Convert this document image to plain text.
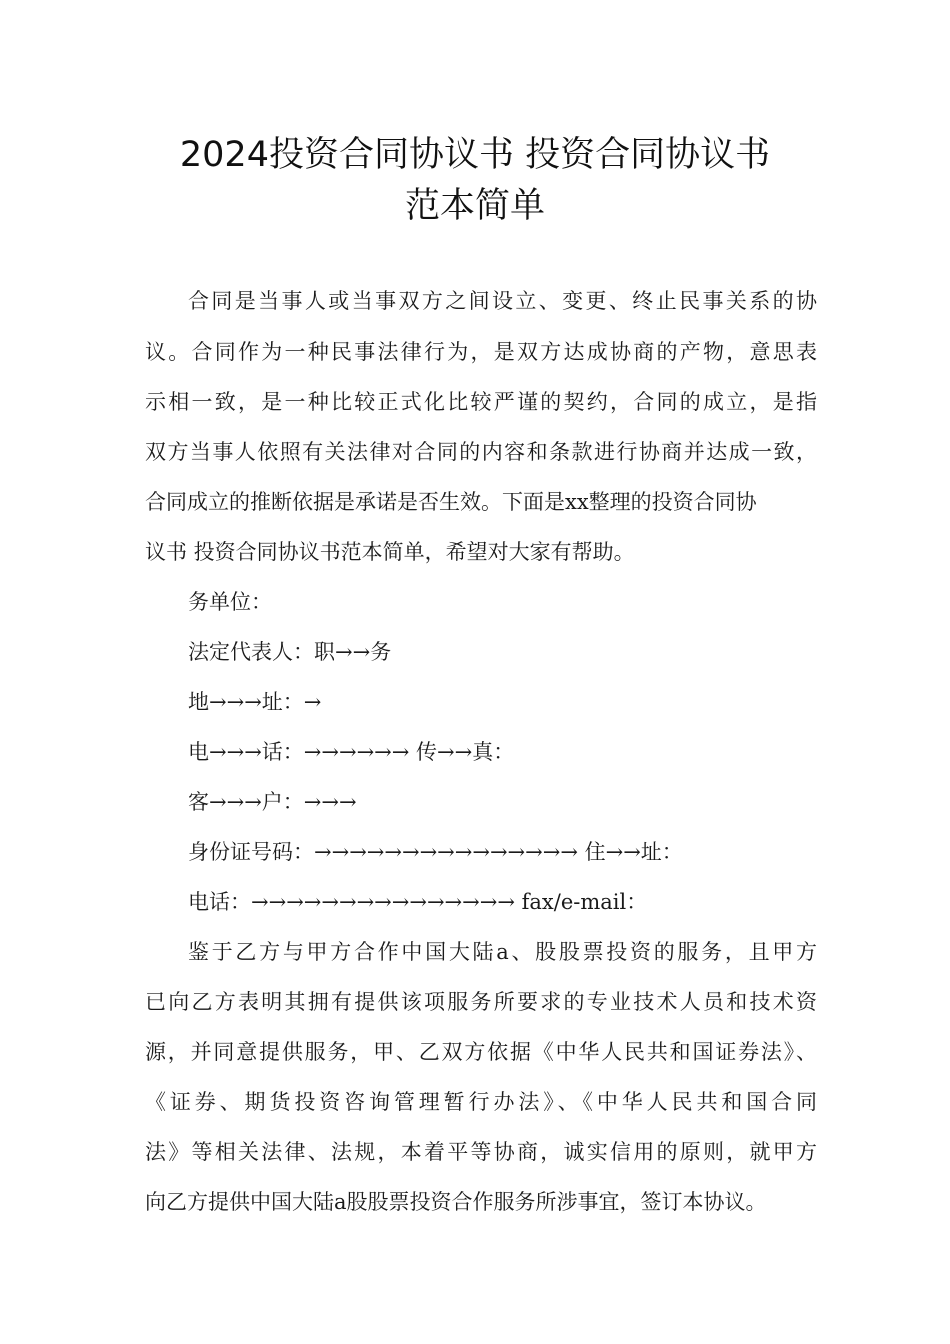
2024投资合同协议书 投资合同协议书
范本简单
合同是当事人或当事双方之间设立、变更、终止民事关系的协
议。合同作为一种民事法律行为，是双方达成协商的产物，意思表
示相一致，是一种比较正式化比较严谨的契约，合同的成立，是指
双方当事人依照有关法律对合同的内容和条款进行协商并达成一致，
合同成立的推断依据是承诺是否生效。下面是xx整理的投资合同协
议书 投资合同协议书范本简单，希望对大家有帮助。
务单位：
法定代表人：职→→务
地→→→址：→
电→→→话：→→→→→→ 传→→真：
客→→→户：→→→
身份证号码：→→→→→→→→→→→→→→→ 住→→址：
电话：→→→→→→→→→→→→→→→ fax/e-mail：
鉴于乙方与甲方合作中国大陆a、股股票投资的服务，且甲方
已向乙方表明其拥有提供该项服务所要求的专业技术人员和技术资
源，并同意提供服务，甲、乙双方依据《中华人民共和国证券法》、
《证券、期货投资咨询管理暂行办法》、《中华人民共和国合同
法》等相关法律、法规，本着平等协商，诚实信用的原则，就甲方
向乙方提供中国大陆a股股票投资合作服务所涉事宜，签订本协议。
